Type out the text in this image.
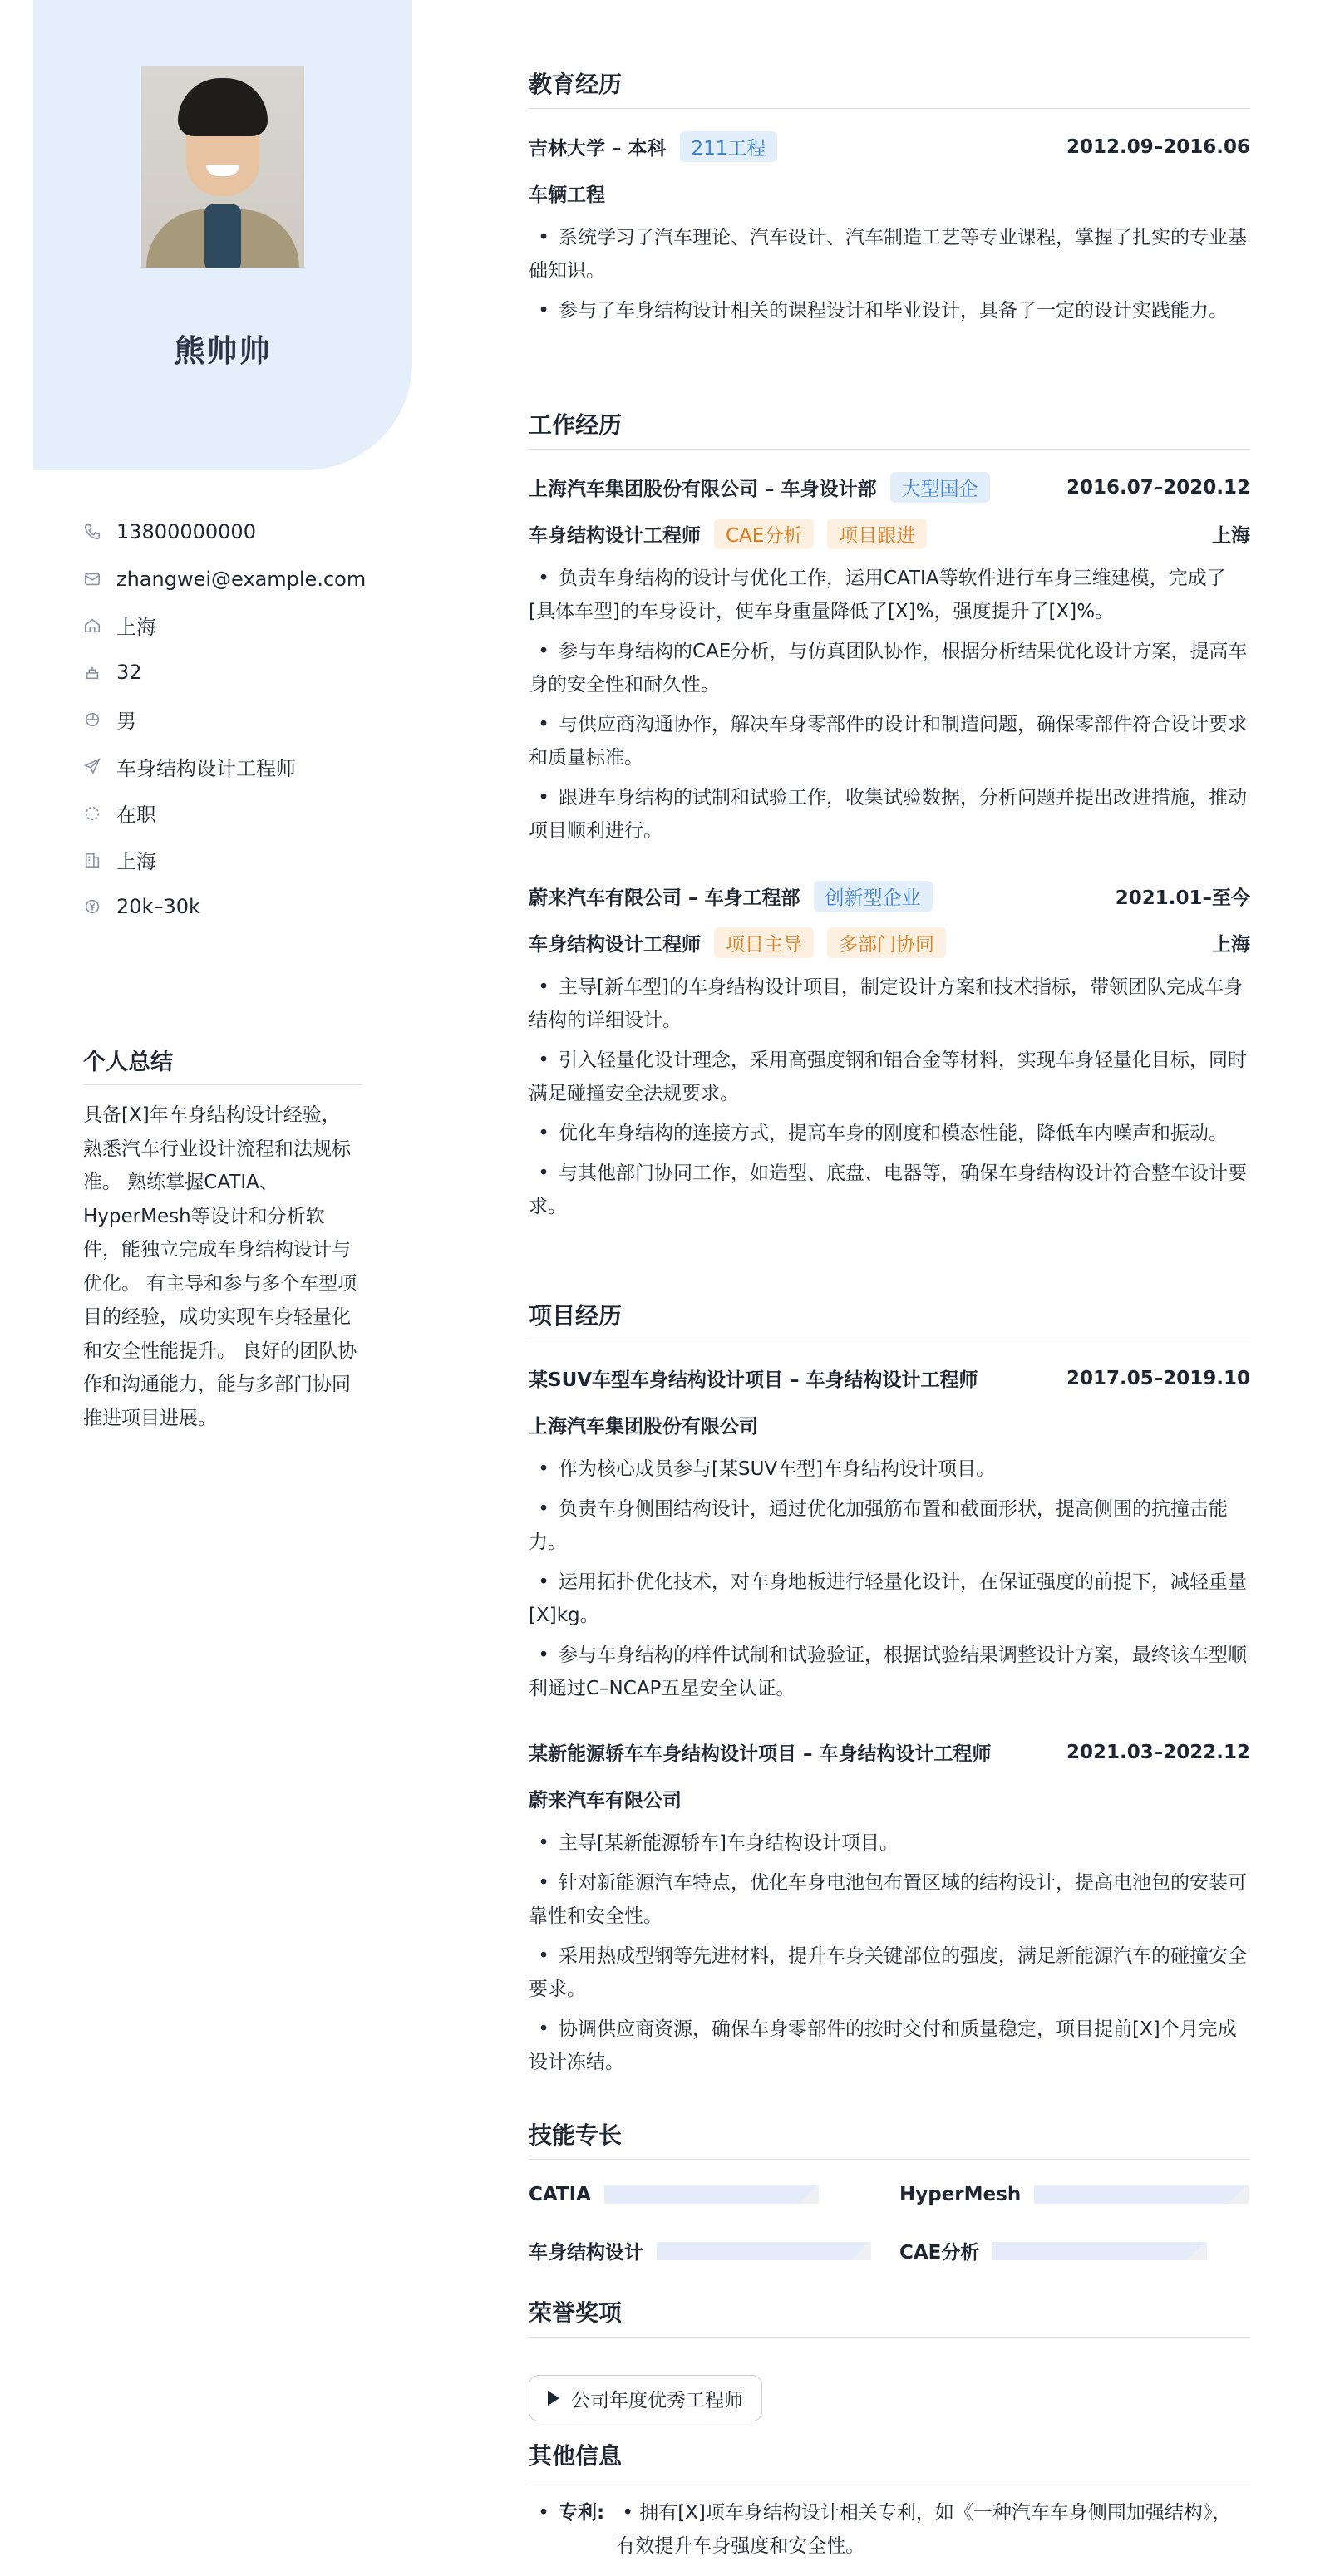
熊帅帅
13800000000
zhangwei@example.com
上海
32
男
车身结构设计工程师
在职
上海
20k–30k
个人总结
具备[X]年车身结构设计经验，熟悉汽车行业设计流程和法规标准。 熟练掌握CATIA、HyperMesh等设计和分析软件，能独立完成车身结构设计与优化。 有主导和参与多个车型项目的经验，成功实现车身轻量化和安全性能提升。 良好的团队协作和沟通能力，能与多部门协同推进项目进展。
教育经历
吉林大学 – 本科	211工程	2012.09–2016.06
车辆工程
• 系统学习了汽车理论、汽车设计、汽车制造工艺等专业课程，掌握了扎实的专业基础知识。
• 参与了车身结构设计相关的课程设计和毕业设计，具备了一定的设计实践能力。
工作经历
上海汽车集团股份有限公司 – 车身设计部	大型国企	2016.07–2020.12
车身结构设计工程师	CAE分析	项目跟进	上海
• 负责车身结构的设计与优化工作，运用CATIA等软件进行车身三维建模，完成了[具体车型]的车身设计，使车身重量降低了[X]%，强度提升了[X]%。
• 参与车身结构的CAE分析，与仿真团队协作，根据分析结果优化设计方案，提高车身的安全性和耐久性。
• 与供应商沟通协作，解决车身零部件的设计和制造问题，确保零部件符合设计要求和质量标准。
• 跟进车身结构的试制和试验工作，收集试验数据，分析问题并提出改进措施，推动项目顺利进行。
蔚来汽车有限公司 – 车身工程部	创新型企业	2021.01–至今
车身结构设计工程师	项目主导	多部门协同	上海
• 主导[新车型]的车身结构设计项目，制定设计方案和技术指标，带领团队完成车身结构的详细设计。
• 引入轻量化设计理念，采用高强度钢和铝合金等材料，实现车身轻量化目标，同时满足碰撞安全法规要求。
• 优化车身结构的连接方式，提高车身的刚度和模态性能，降低车内噪声和振动。
• 与其他部门协同工作，如造型、底盘、电器等，确保车身结构设计符合整车设计要求。
项目经历
某SUV车型车身结构设计项目 – 车身结构设计工程师	2017.05–2019.10
上海汽车集团股份有限公司
• 作为核心成员参与[某SUV车型]车身结构设计项目。
• 负责车身侧围结构设计，通过优化加强筋布置和截面形状，提高侧围的抗撞击能力。
• 运用拓扑优化技术，对车身地板进行轻量化设计，在保证强度的前提下，减轻重量[X]kg。
• 参与车身结构的样件试制和试验验证，根据试验结果调整设计方案，最终该车型顺利通过C–NCAP五星安全认证。
某新能源轿车车身结构设计项目 – 车身结构设计工程师	2021.03–2022.12
蔚来汽车有限公司
• 主导[某新能源轿车]车身结构设计项目。
• 针对新能源汽车特点，优化车身电池包布置区域的结构设计，提高电池包的安装可靠性和安全性。
• 采用热成型钢等先进材料，提升车身关键部位的强度，满足新能源汽车的碰撞安全要求。
• 协调供应商资源，确保车身零部件的按时交付和质量稳定，项目提前[X]个月完成设计冻结。
技能专长
CATIA	HyperMesh
车身结构设计	CAE分析
荣誉奖项
公司年度优秀工程师
其他信息
• 专利:
•	拥有[X]项车身结构设计相关专利，如《一种汽车车身侧围加强结构》，有效提升车身强度和安全性。
